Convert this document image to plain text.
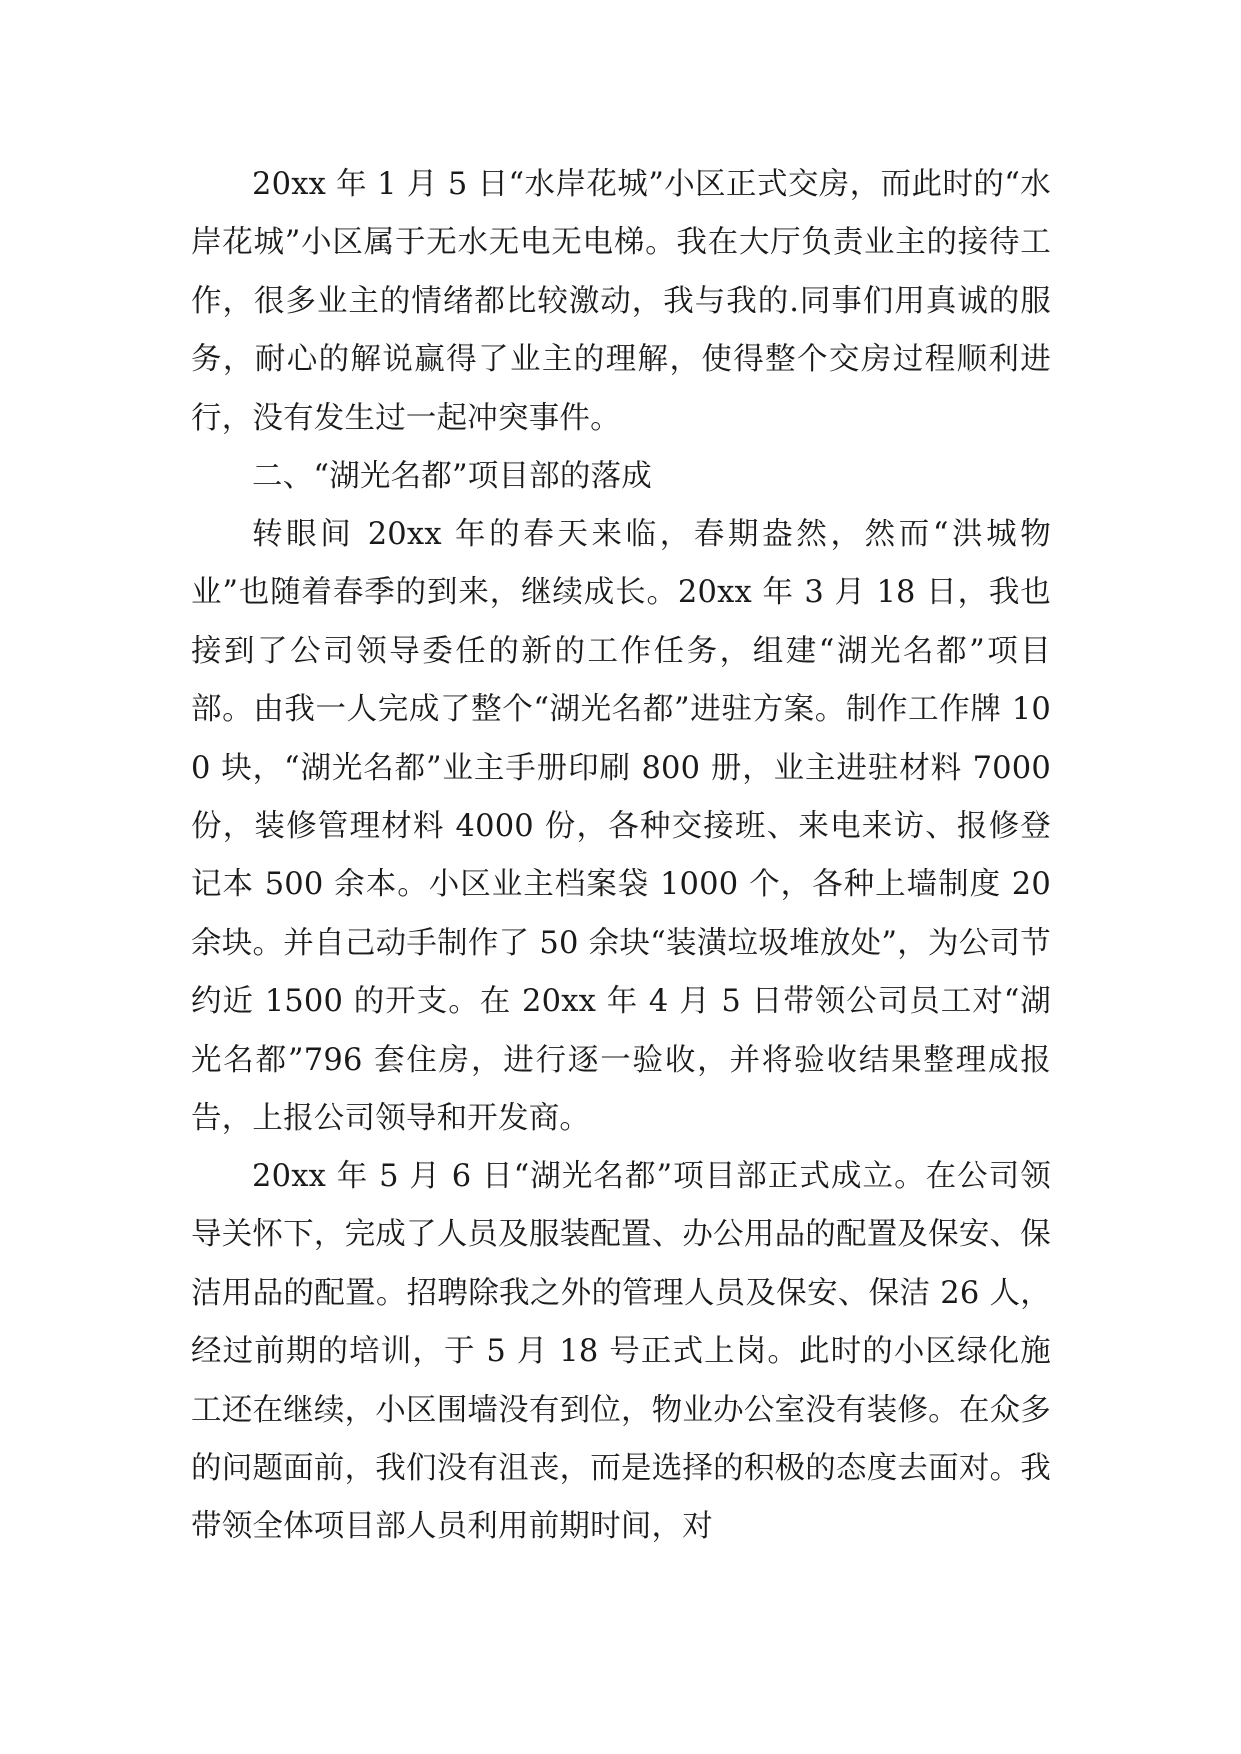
20xx 年 1 月 5 日“水岸花城”小区正式交房，而此时的“水岸花城”小区属于无水无电无电梯。我在大厅负责业主的接待工作，很多业主的情绪都比较激动，我与我的.同事们用真诚的服务，耐心的解说赢得了业主的理解，使得整个交房过程顺利进行，没有发生过一起冲突事件。

二、“湖光名都”项目部的落成

转眼间 20xx 年的春天来临，春期盎然，然而“洪城物业”也随着春季的到来，继续成长。20xx 年 3 月 18 日，我也接到了公司领导委任的新的工作任务，组建“湖光名都”项目部。由我一人完成了整个“湖光名都”进驻方案。制作工作牌 100 块，“湖光名都”业主手册印刷 800 册，业主进驻材料 7000 份，装修管理材料 4000 份，各种交接班、来电来访、报修登记本 500 余本。小区业主档案袋 1000 个，各种上墙制度 20 余块。并自己动手制作了 50 余块“装潢垃圾堆放处”，为公司节约近 1500 的开支。在 20xx 年 4 月 5 日带领公司员工对“湖光名都”796 套住房，进行逐一验收，并将验收结果整理成报告，上报公司领导和开发商。

20xx 年 5 月 6 日“湖光名都”项目部正式成立。在公司领导关怀下，完成了人员及服装配置、办公用品的配置及保安、保洁用品的配置。招聘除我之外的管理人员及保安、保洁 26 人，经过前期的培训，于 5 月 18 号正式上岗。此时的小区绿化施工还在继续，小区围墙没有到位，物业办公室没有装修。在众多的问题面前，我们没有沮丧，而是选择的积极的态度去面对。我带领全体项目部人员利用前期时间，对
